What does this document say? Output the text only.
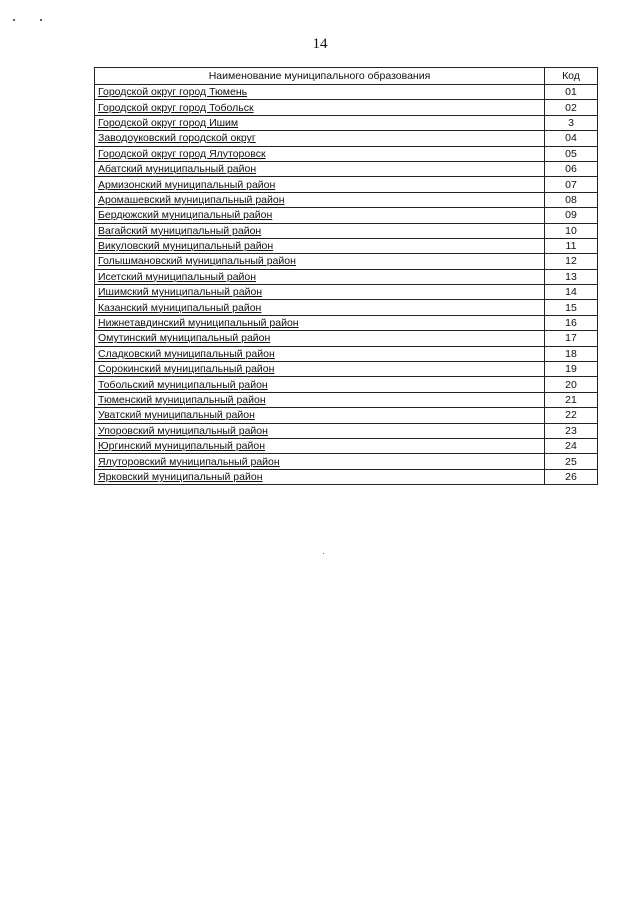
14
Наименование муниципального образования	Код
Городской округ город Тюмень	01
Городской округ город Тобольск	02
Городской округ город Ишим	3
Заводоуковский городской округ	04
Городской округ город Ялуторовск	05
Абатский муниципальный район	06
Армизонский муниципальный район	07
Аромашевский муниципальный район	08
Бердюжский муниципальный район	09
Вагайский муниципальный район	10
Викуловский муниципальный район	11
Голышмановский муниципальный район	12
Исетский муниципальный район	13
Ишимский муниципальный район	14
Казанский муниципальный район	15
Нижнетавдинский муниципальный район	16
Омутинский муниципальный район	17
Сладковский муниципальный район	18
Сорокинский муниципальный район	19
Тобольский муниципальный район	20
Тюменский муниципальный район	21
Уватский муниципальный район	22
Упоровский муниципальный район	23
Юргинский муниципальный район	24
Ялуторовский муниципальный район	25
Ярковский муниципальный район	26
